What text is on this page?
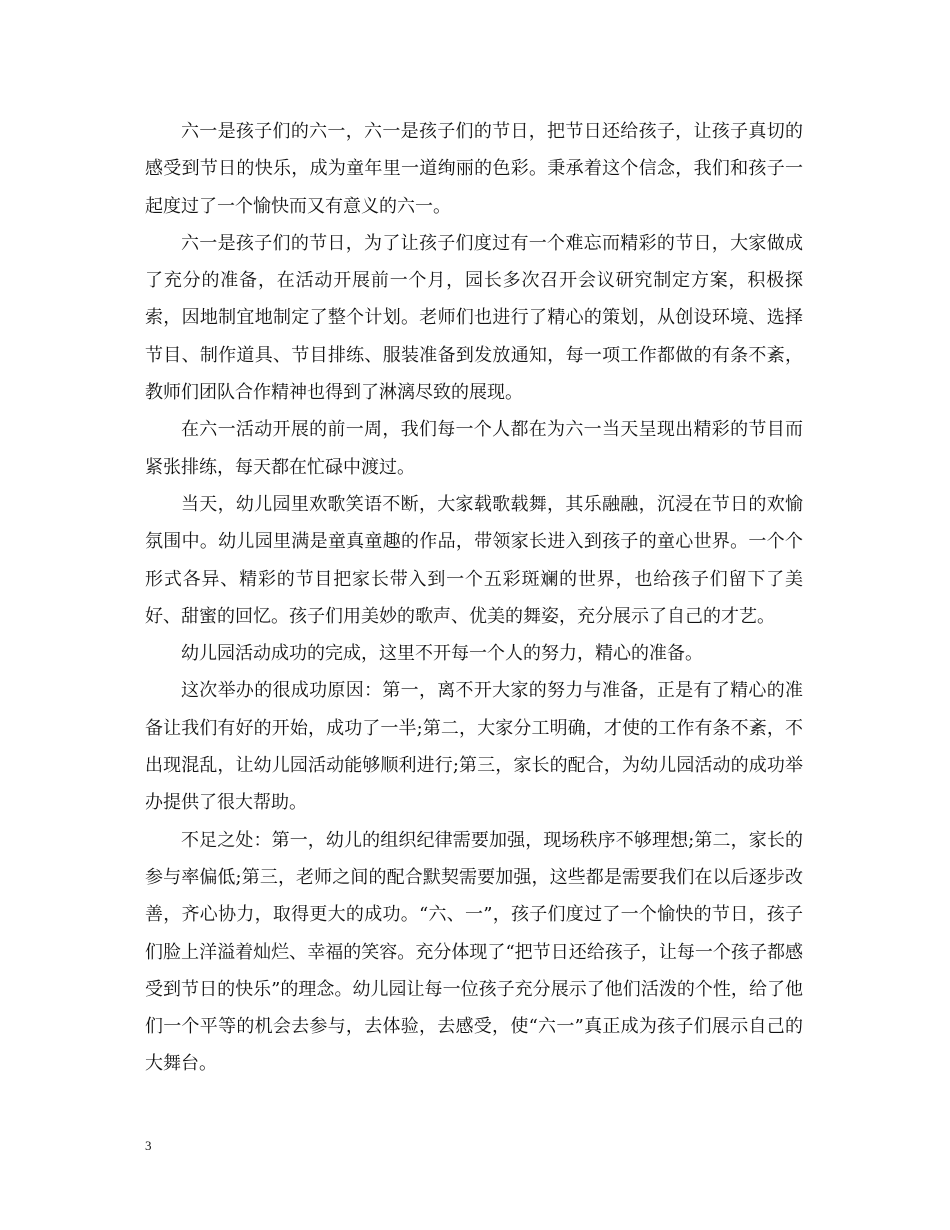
六一是孩子们的六一，六一是孩子们的节日，把节日还给孩子，让孩子真切的感受到节日的快乐，成为童年里一道绚丽的色彩。秉承着这个信念，我们和孩子一起度过了一个愉快而又有意义的六一。

六一是孩子们的节日，为了让孩子们度过有一个难忘而精彩的节日，大家做成了充分的准备，在活动开展前一个月，园长多次召开会议研究制定方案，积极探索，因地制宜地制定了整个计划。老师们也进行了精心的策划，从创设环境、选择节目、制作道具、节目排练、服装准备到发放通知，每一项工作都做的有条不紊，教师们团队合作精神也得到了淋漓尽致的展现。

在六一活动开展的前一周，我们每一个人都在为六一当天呈现出精彩的节目而紧张排练，每天都在忙碌中渡过。

当天，幼儿园里欢歌笑语不断，大家载歌载舞，其乐融融，沉浸在节日的欢愉氛围中。幼儿园里满是童真童趣的作品，带领家长进入到孩子的童心世界。一个个形式各异、精彩的节目把家长带入到一个五彩斑斓的世界，也给孩子们留下了美好、甜蜜的回忆。孩子们用美妙的歌声、优美的舞姿，充分展示了自己的才艺。

幼儿园活动成功的完成，这里不开每一个人的努力，精心的准备。

这次举办的很成功原因：第一，离不开大家的努力与准备，正是有了精心的准备让我们有好的开始，成功了一半;第二，大家分工明确，才使的工作有条不紊，不出现混乱，让幼儿园活动能够顺利进行;第三，家长的配合，为幼儿园活动的成功举办提供了很大帮助。

不足之处：第一，幼儿的组织纪律需要加强，现场秩序不够理想;第二，家长的参与率偏低;第三，老师之间的配合默契需要加强，这些都是需要我们在以后逐步改善，齐心协力，取得更大的成功。“六、一”，孩子们度过了一个愉快的节日，孩子们脸上洋溢着灿烂、幸福的笑容。充分体现了“把节日还给孩子，让每一个孩子都感受到节日的快乐”的理念。幼儿园让每一位孩子充分展示了他们活泼的个性，给了他们一个平等的机会去参与，去体验，去感受，使“六一”真正成为孩子们展示自己的大舞台。

3
